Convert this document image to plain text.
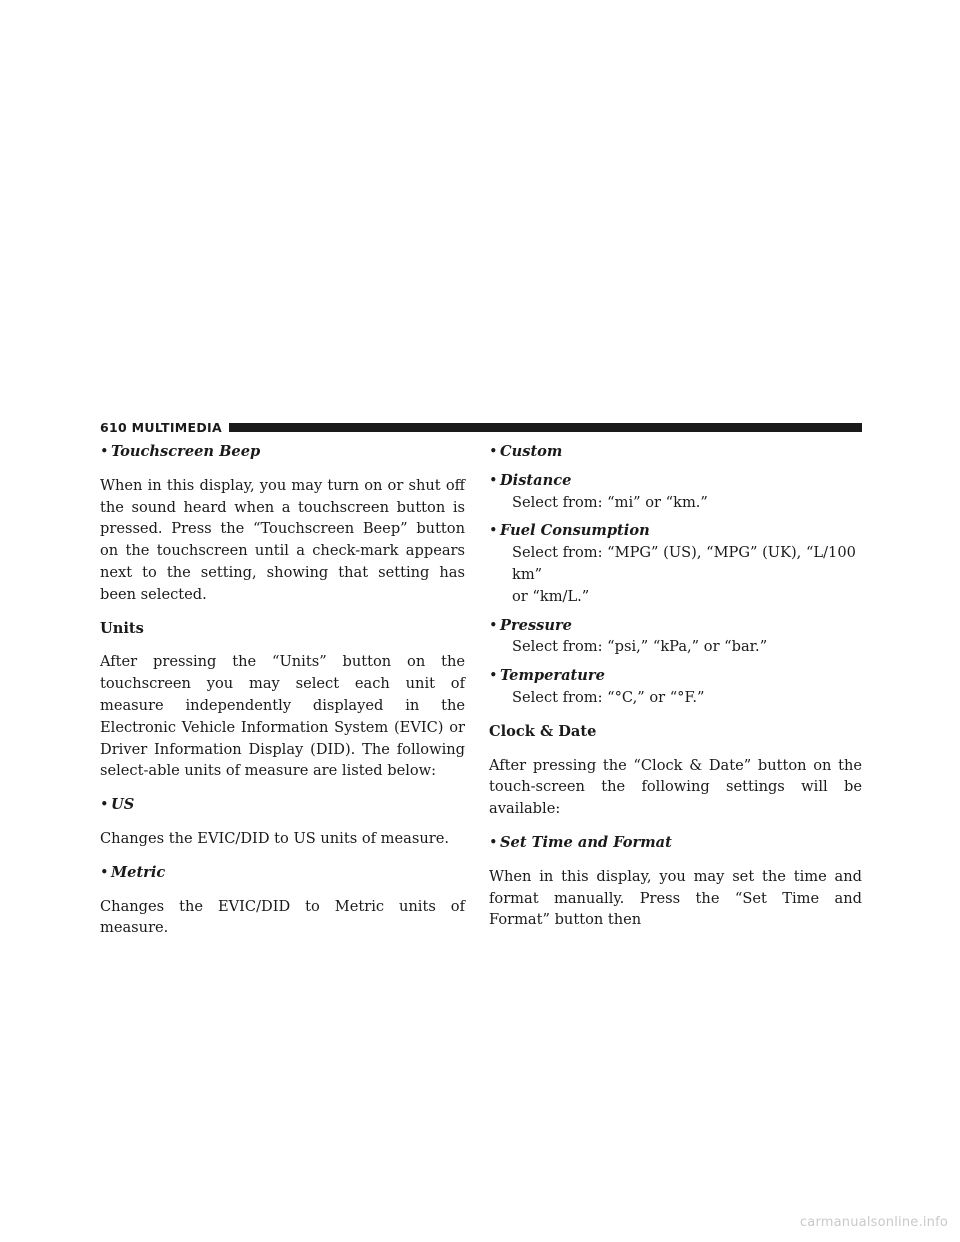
610 MULTIMEDIA
• Touchscreen Beep

When in this display, you may turn on or shut off the sound heard when a touchscreen button is pressed. Press the “Touchscreen Beep” button on the touchscreen until a check-mark appears next to the setting, showing that setting has been selected.

Units

After pressing the “Units” button on the touchscreen you may select each unit of measure independently displayed in the Electronic Vehicle Information System (EVIC) or Driver Information Display (DID). The following select-able units of measure are listed below:

• US

Changes the EVIC/DID to US units of measure.

• Metric

Changes the EVIC/DID to Metric units of measure.

• Custom
• Distance
Select from: “mi” or “km.”
• Fuel Consumption
Select from: “MPG” (US), “MPG” (UK), “L/100 km”
or “km/L.”
• Pressure
Select from: “psi,” “kPa,” or “bar.”
• Temperature
Select from: “°C,” or “°F.”
Clock & Date

After pressing the “Clock & Date” button on the touch-screen the following settings will be available:

• Set Time and Format

When in this display, you may set the time and format manually. Press the “Set Time and Format” button then

carmanualsonline.info
